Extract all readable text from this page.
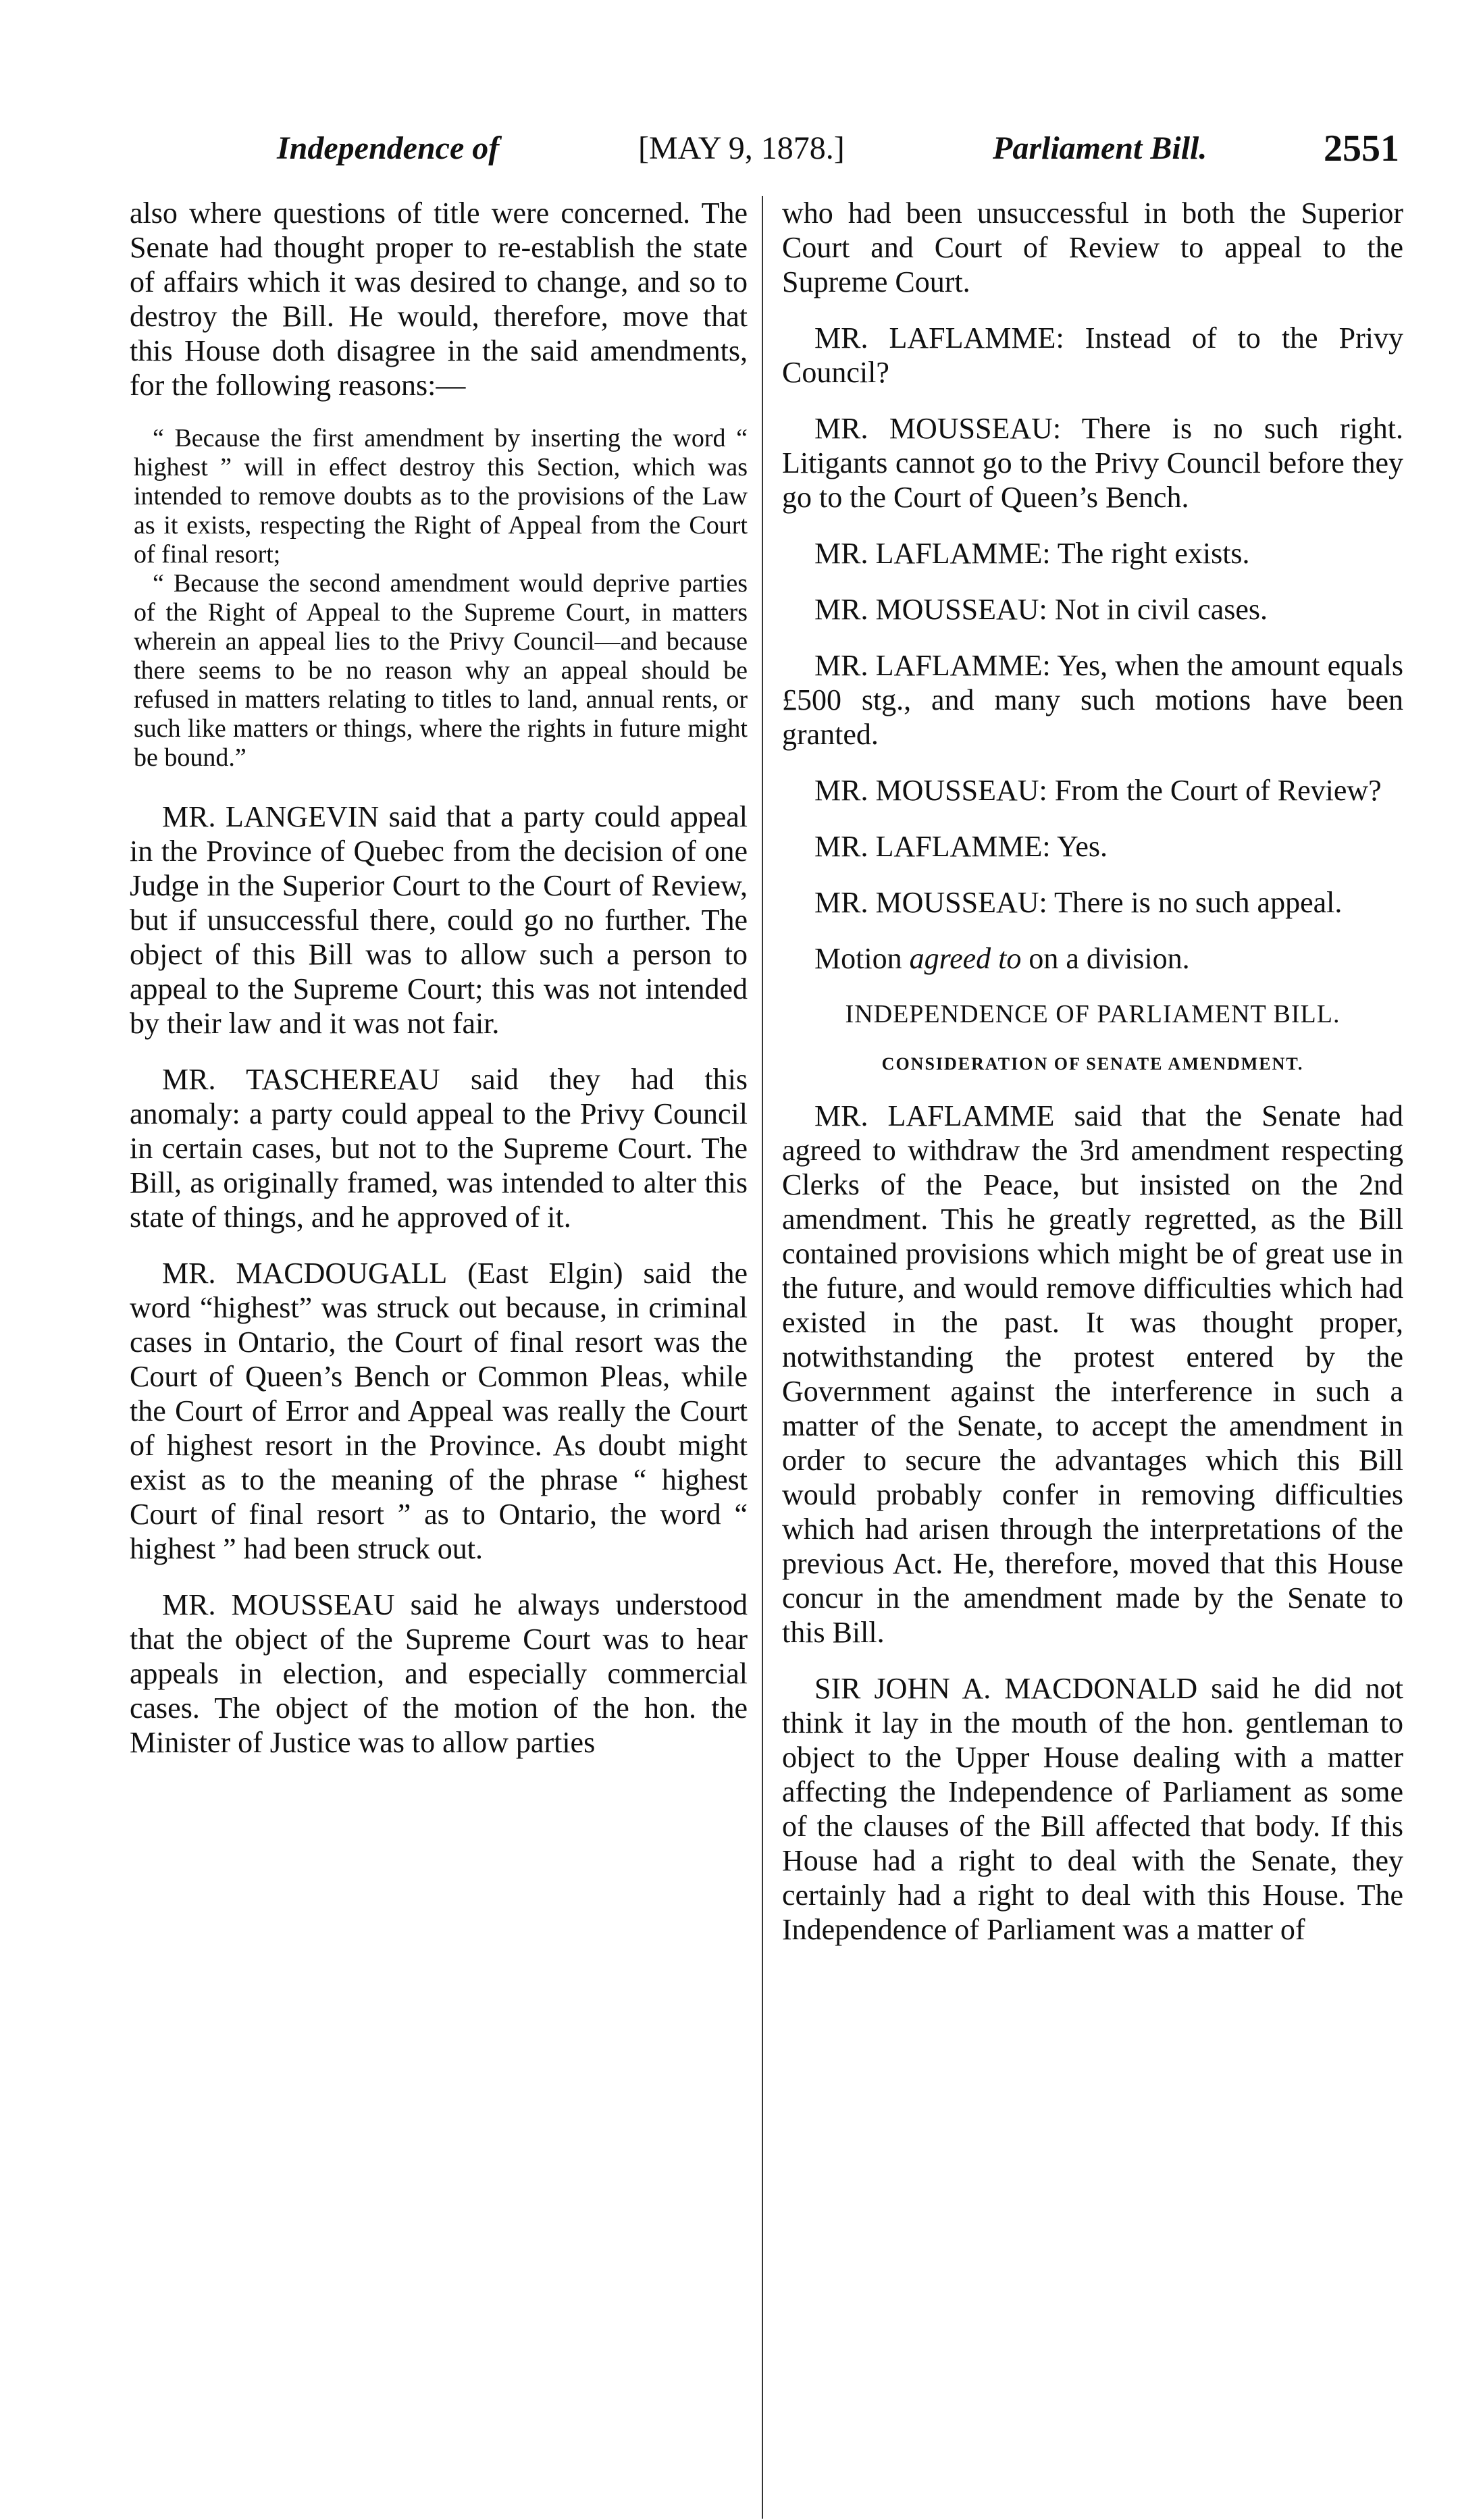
Independence of	[MAY 9, 1878.]	Parliament Bill.	2551

also where questions of title were concerned. The Senate had thought proper to re-establish the state of affairs which it was desired to change, and so to destroy the Bill. He would, therefore, move that this House doth disagree in the said amendments, for the following reasons:—

“ Because the first amendment by inserting the word “ highest ” will in effect destroy this Section, which was intended to remove doubts as to the provisions of the Law as it exists, respecting the Right of Appeal from the Court of final resort;

“ Because the second amendment would deprive parties of the Right of Appeal to the Supreme Court, in matters wherein an appeal lies to the Privy Council—and because there seems to be no reason why an appeal should be refused in matters relating to titles to land, annual rents, or such like matters or things, where the rights in future might be bound.”

MR. LANGEVIN said that a party could appeal in the Province of Quebec from the decision of one Judge in the Superior Court to the Court of Review, but if unsuccessful there, could go no further. The object of this Bill was to allow such a person to appeal to the Supreme Court; this was not intended by their law and it was not fair.

MR. TASCHEREAU said they had this anomaly: a party could appeal to the Privy Council in certain cases, but not to the Supreme Court. The Bill, as originally framed, was intended to alter this state of things, and he approved of it.

MR. MACDOUGALL (East Elgin) said the word “highest” was struck out because, in criminal cases in Ontario, the Court of final resort was the Court of Queen’s Bench or Common Pleas, while the Court of Error and Appeal was really the Court of highest resort in the Province. As doubt might exist as to the meaning of the phrase “ highest Court of final resort ” as to Ontario, the word “ highest ” had been struck out.

MR. MOUSSEAU said he always understood that the object of the Supreme Court was to hear appeals in election, and especially commercial cases. The object of the motion of the hon. the Minister of Justice was to allow parties

who had been unsuccessful in both the Superior Court and Court of Review to appeal to the Supreme Court.

MR. LAFLAMME: Instead of to the Privy Council?

MR. MOUSSEAU: There is no such right. Litigants cannot go to the Privy Council before they go to the Court of Queen’s Bench.

MR. LAFLAMME: The right exists.

MR. MOUSSEAU: Not in civil cases.

MR. LAFLAMME: Yes, when the amount equals £500 stg., and many such motions have been granted.

MR. MOUSSEAU: From the Court of Review?

MR. LAFLAMME: Yes.

MR. MOUSSEAU: There is no such appeal.

Motion agreed to on a division.

INDEPENDENCE OF PARLIAMENT BILL.
CONSIDERATION OF SENATE AMENDMENT.

MR. LAFLAMME said that the Senate had agreed to withdraw the 3rd amendment respecting Clerks of the Peace, but insisted on the 2nd amendment. This he greatly regretted, as the Bill contained provisions which might be of great use in the future, and would remove difficulties which had existed in the past. It was thought proper, notwithstanding the protest entered by the Government against the interference in such a matter of the Senate, to accept the amendment in order to secure the advantages which this Bill would probably confer in removing difficulties which had arisen through the interpretations of the previous Act. He, therefore, moved that this House concur in the amendment made by the Senate to this Bill.

SIR JOHN A. MACDONALD said he did not think it lay in the mouth of the hon. gentleman to object to the Upper House dealing with a matter affecting the Independence of Parliament as some of the clauses of the Bill affected that body. If this House had a right to deal with the Senate, they certainly had a right to deal with this House. The Independence of Parliament was a matter of
